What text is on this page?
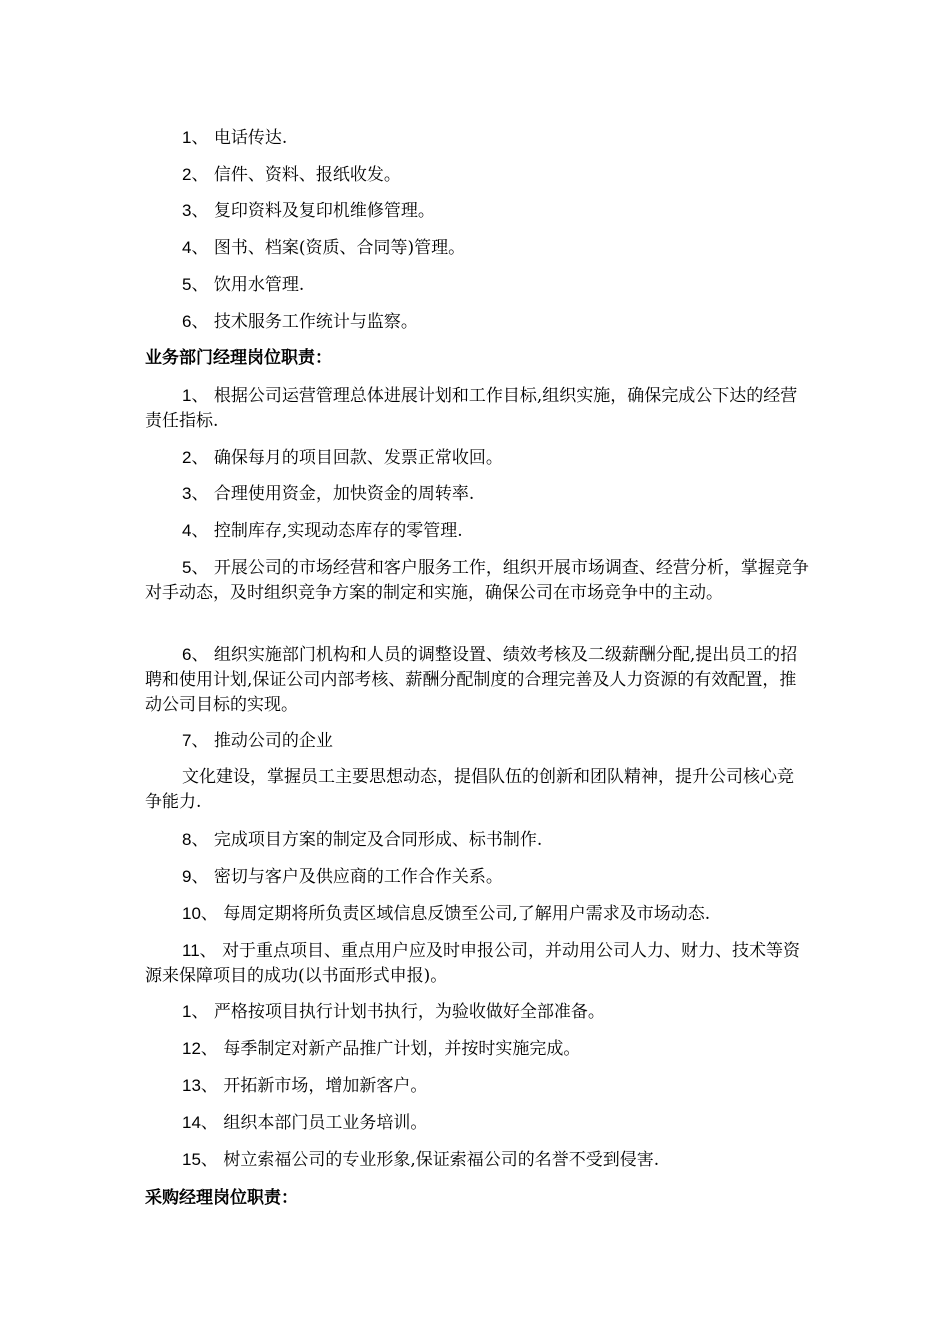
1、 电话传达.

2、 信件、资料、报纸收发。

3、 复印资料及复印机维修管理。

4、 图书、档案(资质、合同等)管理。

5、 饮用水管理.

6、 技术服务工作统计与监察。

业务部门经理岗位职责：

1、 根据公司运营管理总体进展计划和工作目标,组织实施，确保完成公下达的经营责任指标.

2、 确保每月的项目回款、发票正常收回。

3、 合理使用资金，加快资金的周转率.

4、 控制库存,实现动态库存的零管理.

5、 开展公司的市场经营和客户服务工作，组织开展市场调查、经营分析，掌握竞争对手动态，及时组织竞争方案的制定和实施，确保公司在市场竞争中的主动。

6、 组织实施部门机构和人员的调整设置、绩效考核及二级薪酬分配,提出员工的招聘和使用计划,保证公司内部考核、薪酬分配制度的合理完善及人力资源的有效配置，推动公司目标的实现。

7、 推动公司的企业

文化建设，掌握员工主要思想动态，提倡队伍的创新和团队精神，提升公司核心竞争能力.

8、 完成项目方案的制定及合同形成、标书制作.

9、 密切与客户及供应商的工作合作关系。

10、 每周定期将所负责区域信息反馈至公司,了解用户需求及市场动态.

11、 对于重点项目、重点用户应及时申报公司，并动用公司人力、财力、技术等资源来保障项目的成功(以书面形式申报)。

1、 严格按项目执行计划书执行，为验收做好全部准备。

12、 每季制定对新产品推广计划，并按时实施完成。

13、 开拓新市场，增加新客户。

14、 组织本部门员工业务培训。

15、 树立索福公司的专业形象,保证索福公司的名誉不受到侵害.

采购经理岗位职责：
